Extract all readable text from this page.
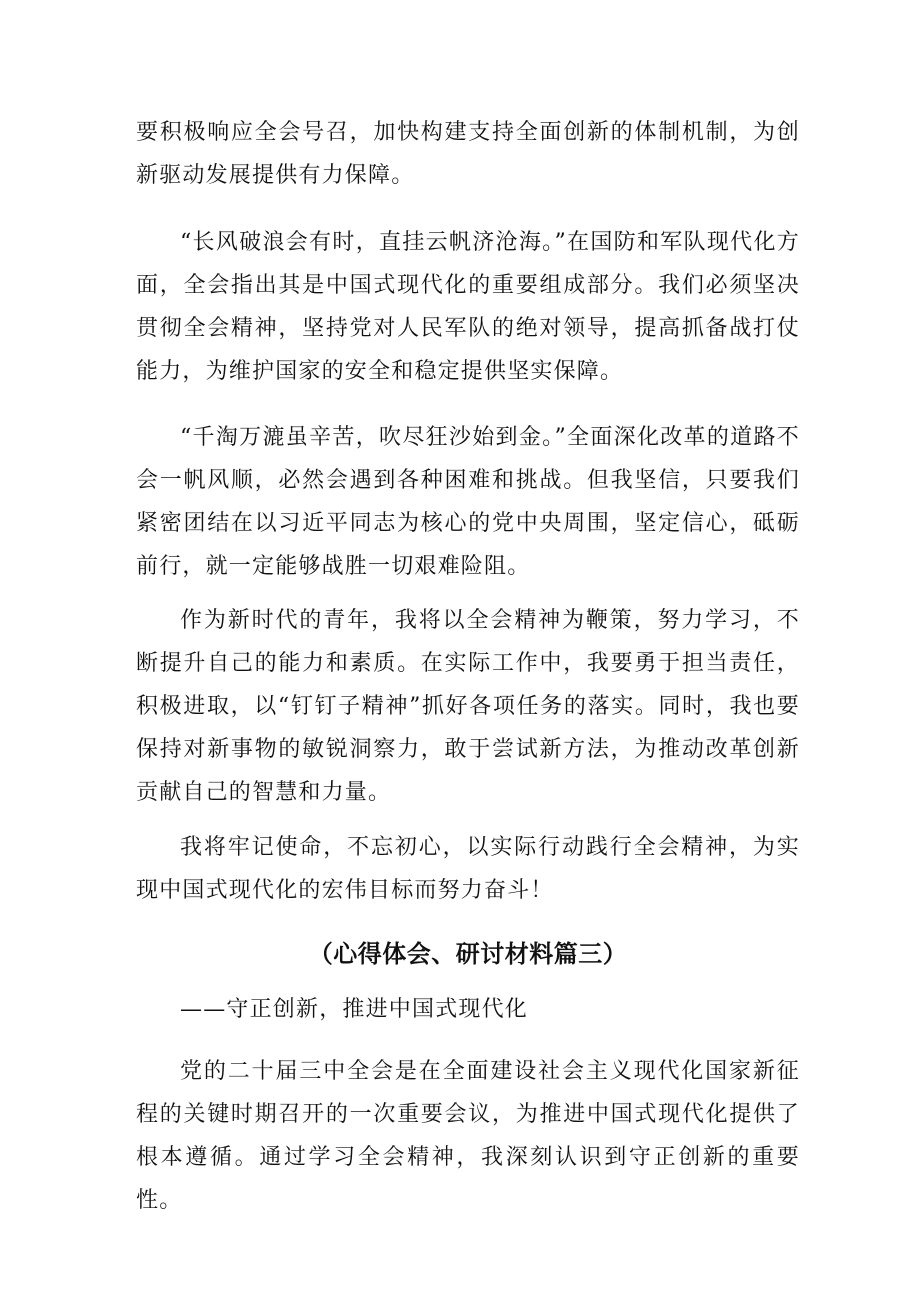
要积极响应全会号召，加快构建支持全面创新的体制机制，为创新驱动发展提供有力保障。

“长风破浪会有时，直挂云帆济沧海。”在国防和军队现代化方面，全会指出其是中国式现代化的重要组成部分。我们必须坚决贯彻全会精神，坚持党对人民军队的绝对领导，提高抓备战打仗能力，为维护国家的安全和稳定提供坚实保障。

“千淘万漉虽辛苦，吹尽狂沙始到金。”全面深化改革的道路不会一帆风顺，必然会遇到各种困难和挑战。但我坚信，只要我们紧密团结在以习近平同志为核心的党中央周围，坚定信心，砥砺前行，就一定能够战胜一切艰难险阻。

作为新时代的青年，我将以全会精神为鞭策，努力学习，不断提升自己的能力和素质。在实际工作中，我要勇于担当责任，积极进取，以“钉钉子精神”抓好各项任务的落实。同时，我也要保持对新事物的敏锐洞察力，敢于尝试新方法，为推动改革创新贡献自己的智慧和力量。

我将牢记使命，不忘初心，以实际行动践行全会精神，为实现中国式现代化的宏伟目标而努力奋斗！

（心得体会、研讨材料篇三）

——守正创新，推进中国式现代化

党的二十届三中全会是在全面建设社会主义现代化国家新征程的关键时期召开的一次重要会议，为推进中国式现代化提供了根本遵循。通过学习全会精神，我深刻认识到守正创新的重要性。
